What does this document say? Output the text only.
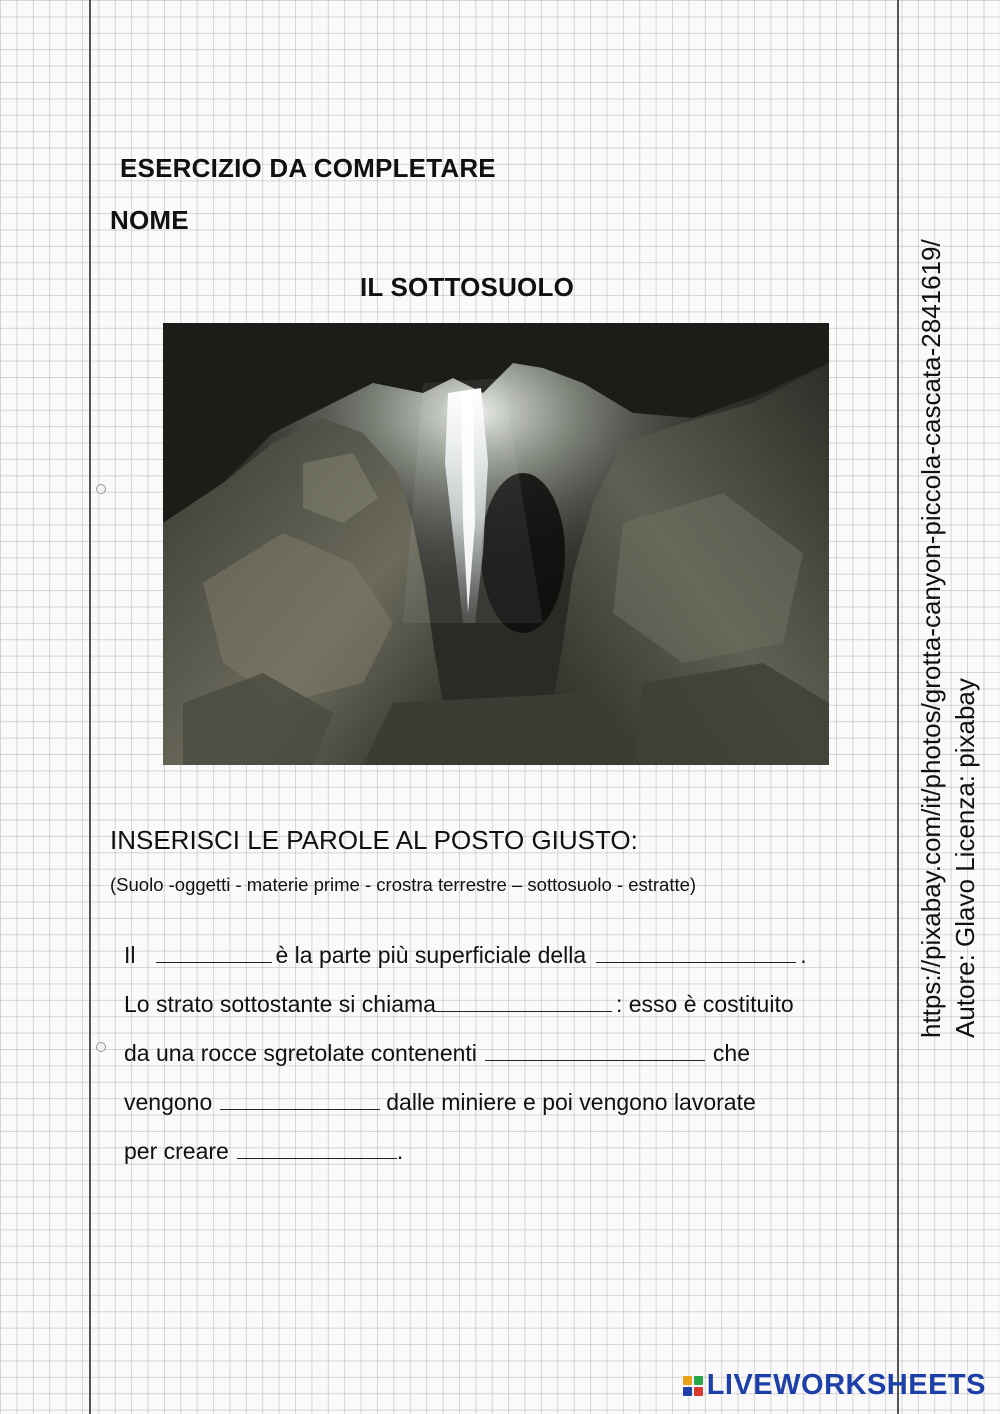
ESERCIZIO DA COMPLETARE
NOME
IL SOTTOSUOLO
INSERISCI LE PAROLE AL POSTO GIUSTO:
(Suolo -oggetti - materie prime - crostra terrestre – sottosuolo - estratte)
Il	è la parte più superficiale della	.
Lo strato sottostante si chiama	: esso è costituito
da una rocce sgretolate contenenti	che
vengono	dalle miniere e poi vengono lavorate
per creare	.
https://pixabay.com/it/photos/grotta-canyon-piccola-cascata-2841619/ Autore: Glavo Licenza: pixabay
LIVEWORKSHEETS
